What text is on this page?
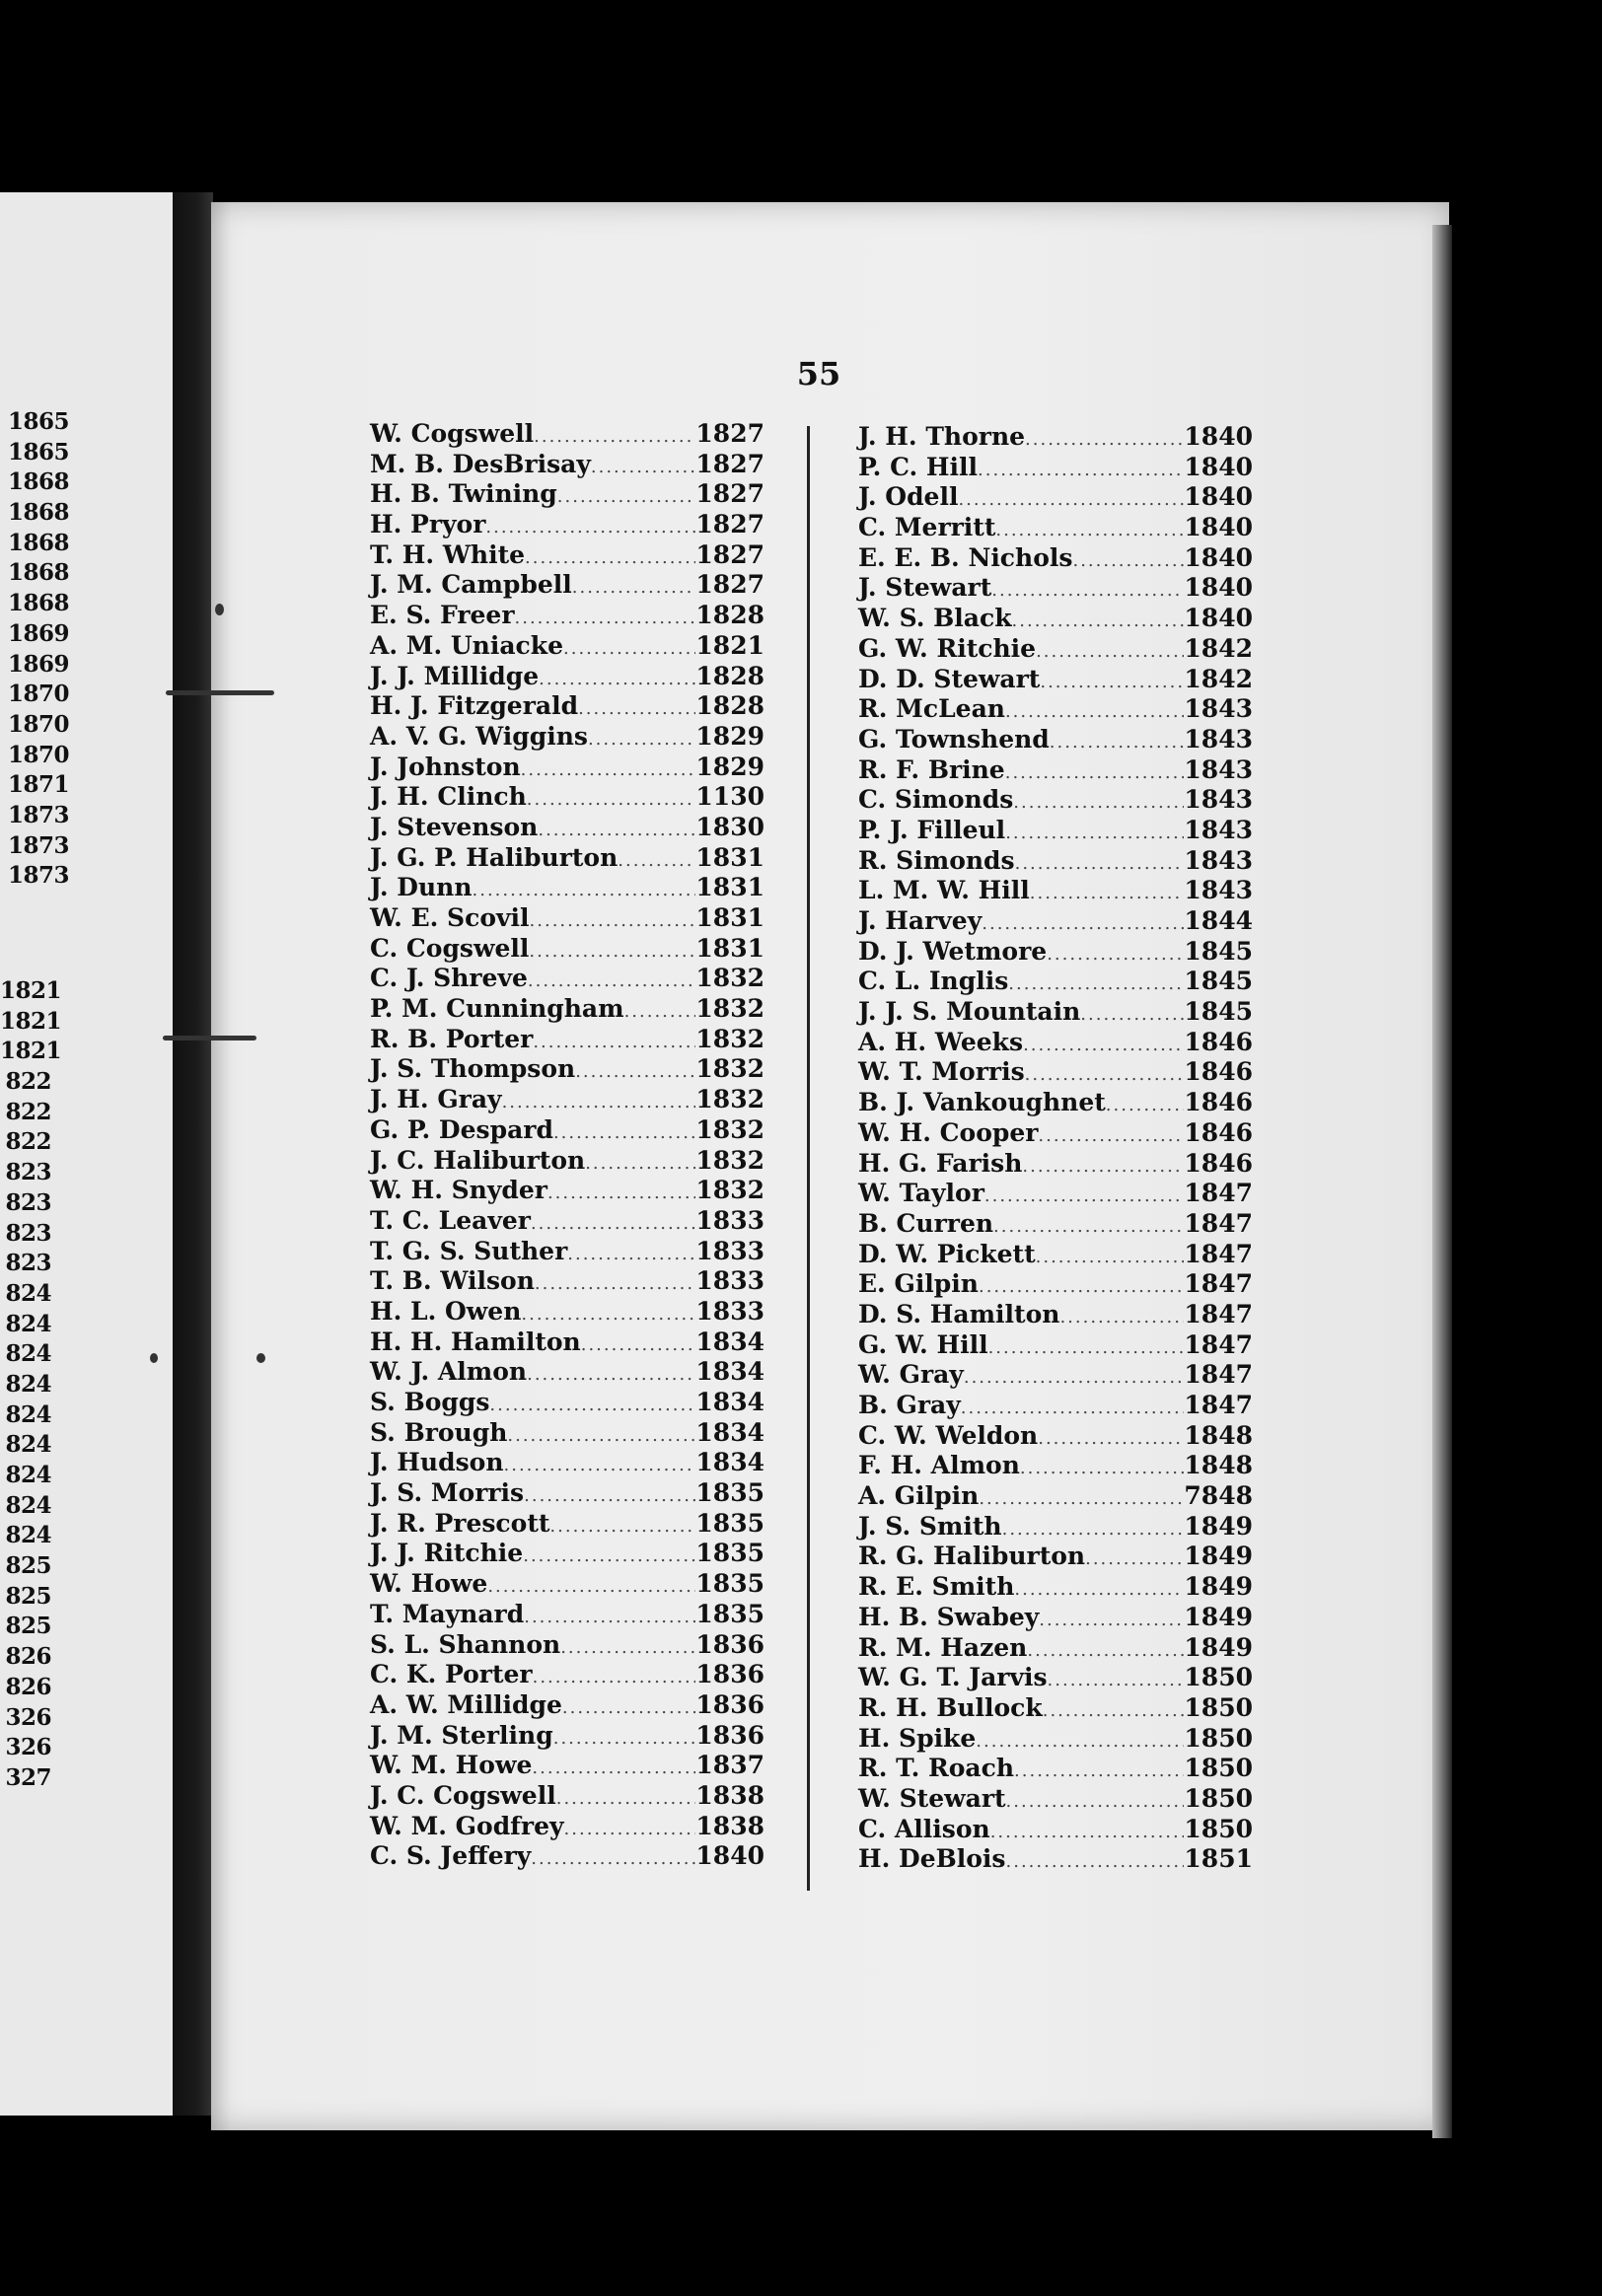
1865
1865
1868
1868
1868
1868
1868
1869
1869
1870
1870
1870
1871
1873
1873
1873
1821
1821
1821
822
822
822
823
823
823
823
824
824
824
824
824
824
824
824
824
825
825
825
826
826
326
326
327
55
W. Cogswell .....	1827
M. B. DesBrisay .....	1827
H. B. Twining .....	1827
H. Pryor .....	1827
T. H. White .....	1827
J. M. Campbell .....	1827
E. S. Freer .....	1828
A. M. Uniacke .....	1821
J. J. Millidge .....	1828
H. J. Fitzgerald .....	1828
A. V. G. Wiggins .....	1829
J. Johnston .....	1829
J. H. Clinch .....	1130
J. Stevenson .....	1830
J. G. P. Haliburton .....	1831
J. Dunn .....	1831
W. E. Scovil .....	1831
C. Cogswell .....	1831
C. J. Shreve .....	1832
P. M. Cunningham .....	1832
R. B. Porter .....	1832
J. S. Thompson .....	1832
J. H. Gray .....	1832
G. P. Despard .....	1832
J. C. Haliburton .....	1832
W. H. Snyder .....	1832
T. C. Leaver .....	1833
T. G. S. Suther .....	1833
T. B. Wilson .....	1833
H. L. Owen .....	1833
H. H. Hamilton .....	1834
W. J. Almon .....	1834
S. Boggs .....	1834
S. Brough .....	1834
J. Hudson .....	1834
J. S. Morris .....	1835
J. R. Prescott .....	1835
J. J. Ritchie .....	1835
W. Howe .....	1835
T. Maynard .....	1835
S. L. Shannon .....	1836
C. K. Porter .....	1836
A. W. Millidge .....	1836
J. M. Sterling .....	1836
W. M. Howe .....	1837
J. C. Cogswell .....	1838
W. M. Godfrey .....	1838
C. S. Jeffery .....	1840
J. H. Thorne .....	1840
P. C. Hill .....	1840
J. Odell .....	1840
C. Merritt .....	1840
E. E. B. Nichols .....	1840
J. Stewart .....	1840
W. S. Black .....	1840
G. W. Ritchie .....	1842
D. D. Stewart .....	1842
R. McLean .....	1843
G. Townshend .....	1843
R. F. Brine .....	1843
C. Simonds .....	1843
P. J. Filleul .....	1843
R. Simonds .....	1843
L. M. W. Hill .....	1843
J. Harvey .....	1844
D. J. Wetmore .....	1845
C. L. Inglis .....	1845
J. J. S. Mountain .....	1845
A. H. Weeks .....	1846
W. T. Morris .....	1846
B. J. Vankoughnet .....	1846
W. H. Cooper .....	1846
H. G. Farish .....	1846
W. Taylor .....	1847
B. Curren .....	1847
D. W. Pickett .....	1847
E. Gilpin .....	1847
D. S. Hamilton .....	1847
G. W. Hill .....	1847
W. Gray .....	1847
B. Gray .....	1847
C. W. Weldon .....	1848
F. H. Almon .....	1848
A. Gilpin .....	7848
J. S. Smith .....	1849
R. G. Haliburton .....	1849
R. E. Smith .....	1849
H. B. Swabey .....	1849
R. M. Hazen .....	1849
W. G. T. Jarvis .....	1850
R. H. Bullock .....	1850
H. Spike .....	1850
R. T. Roach .....	1850
W. Stewart .....	1850
C. Allison .....	1850
H. DeBlois .....	1851
